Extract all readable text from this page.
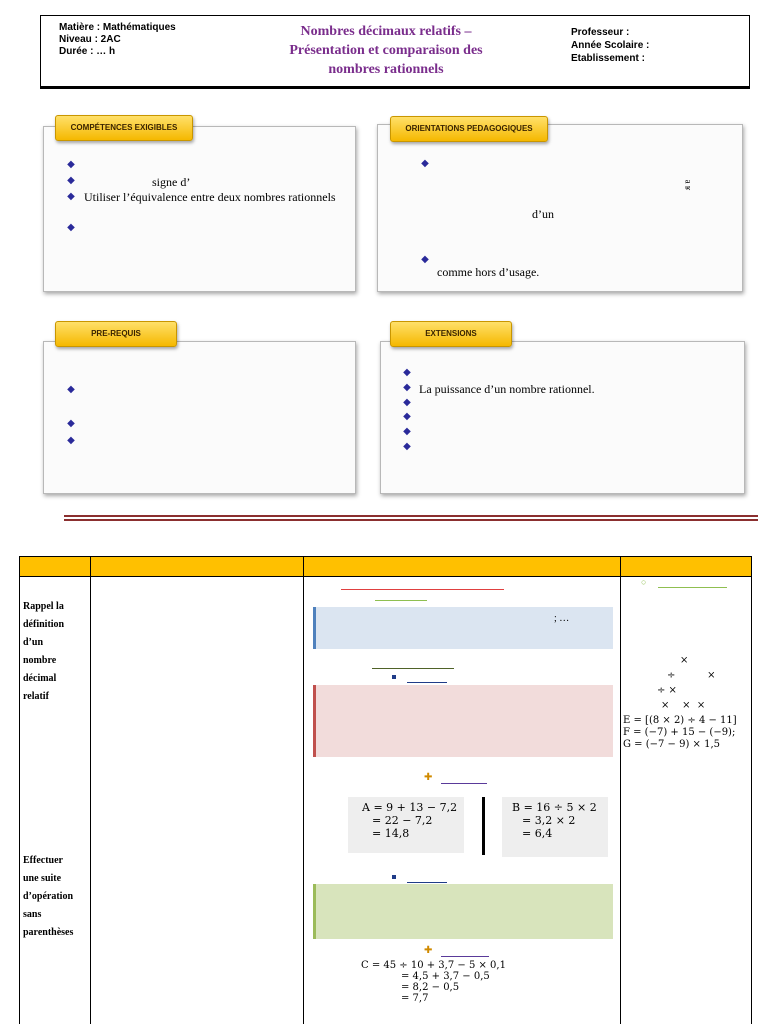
Matière : Mathématiques
Niveau : 2AC
Durée : … h
Nombres décimaux relatifs –
Présentation et comparaison des
nombres rationnels
Professeur :
Année Scolaire :
Etablissement :
COMPÉTENCES EXIGIBLES
◆
◆
signe d’
◆
Utiliser l’équivalence entre deux nombres rationnels
◆
ORIENTATIONS PEDAGOGIQUES
◆
a ʁ
d’un
◆
comme hors d’usage.
PRE-REQUIS
◆
◆
◆	EXTENSIONS
◆
◆
La puissance d’un nombre rationnel.
◆
◆
◆
◆
Rappel la
définition
d’un
nombre
décimal
relatif
Effectuer
une suite
d’opération
sans
parenthèses
; …
✚
A = 9 + 13 − 7,2
= 22 − 7,2
= 14,8
B = 16 ÷ 5 × 2
= 3,2 × 2
= 6,4
✚
C = 45 ÷ 10 + 3,7 − 5 × 0,1
= 4,5 + 3,7 − 0,5
= 8,2 − 0,5
= 7,7
○
×
÷          ×
÷ ×
×    ×  ×
E = [(8 × 2) ÷ 4 − 11]
F = (−7) + 15 − (−9);
G = (−7 − 9) × 1,5
